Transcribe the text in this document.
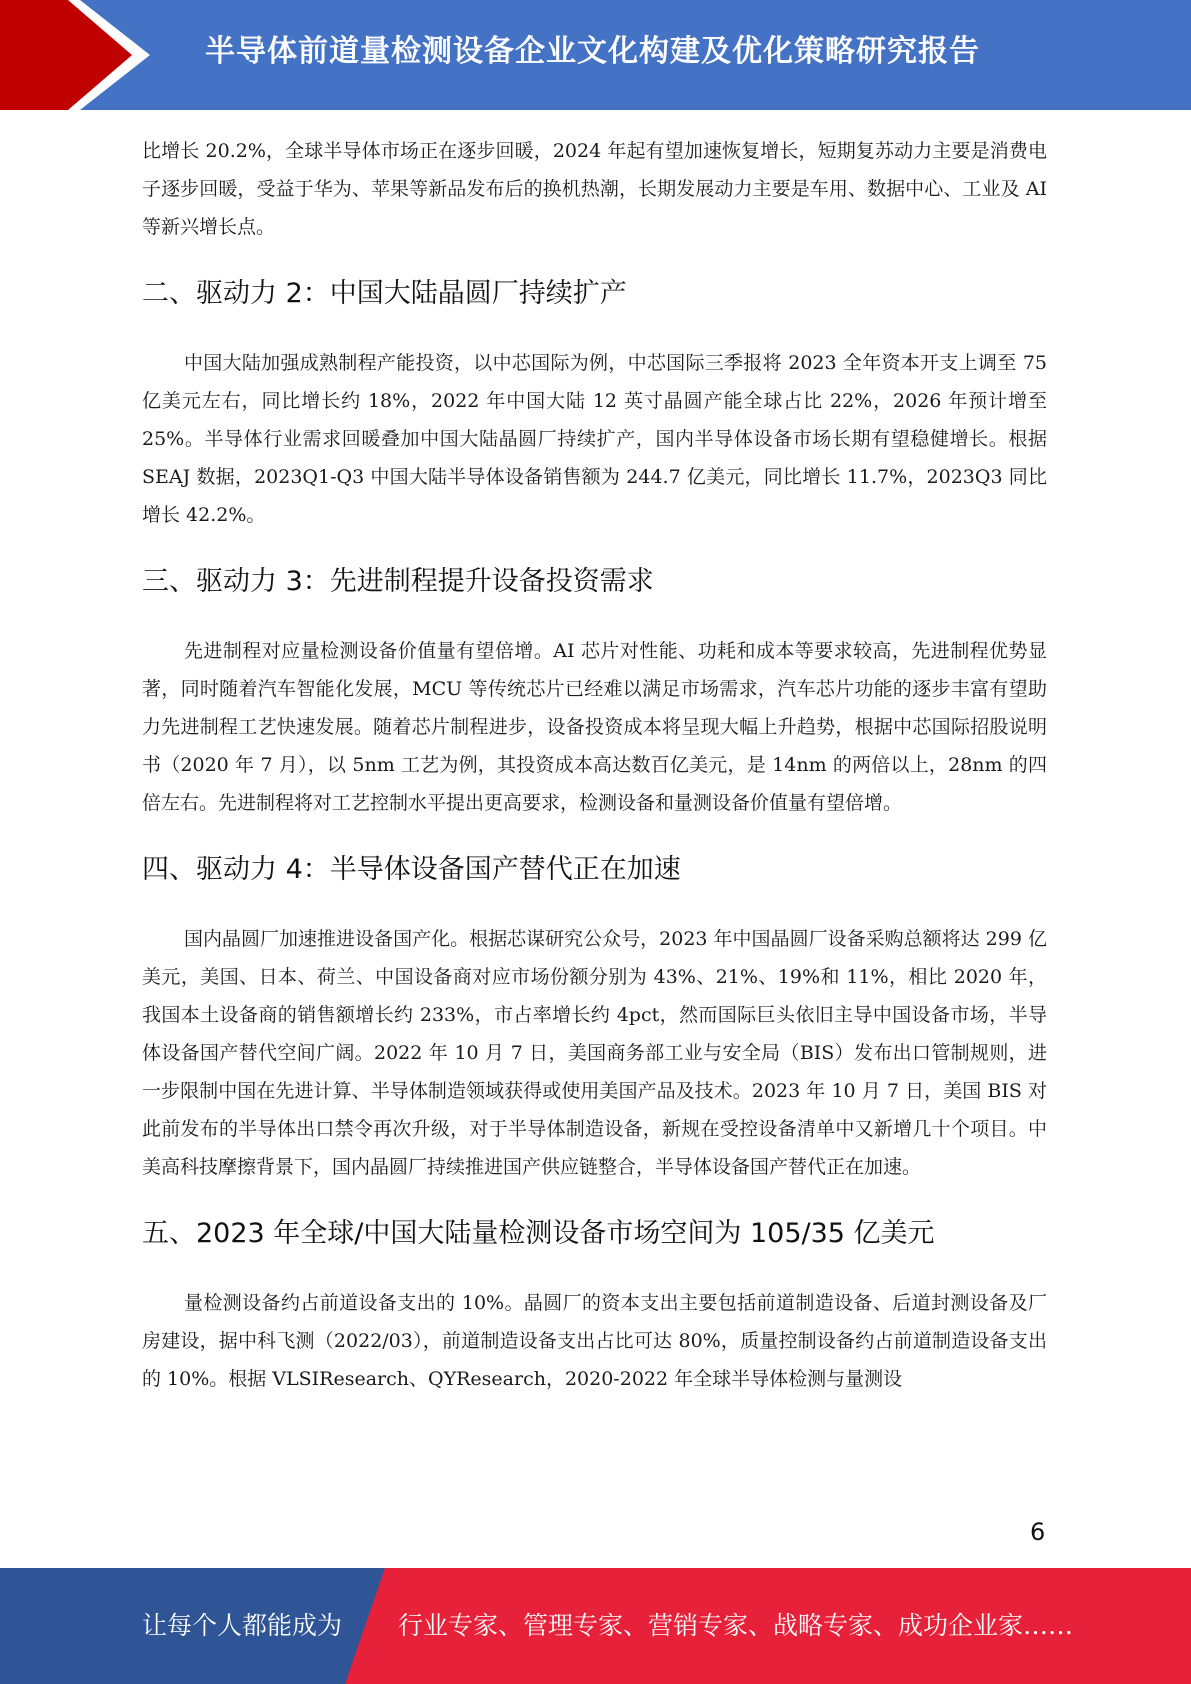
半导体前道量检测设备企业文化构建及优化策略研究报告

比增长 20.2%，全球半导体市场正在逐步回暖，2024 年起有望加速恢复增长，短期复苏动力主要是消费电子逐步回暖，受益于华为、苹果等新品发布后的换机热潮，长期发展动力主要是车用、数据中心、工业及 AI 等新兴增长点。

二、驱动力 2：中国大陆晶圆厂持续扩产

中国大陆加强成熟制程产能投资，以中芯国际为例，中芯国际三季报将 2023 全年资本开支上调至 75 亿美元左右，同比增长约 18%，2022 年中国大陆 12 英寸晶圆产能全球占比 22%，2026 年预计增至 25%。半导体行业需求回暖叠加中国大陆晶圆厂持续扩产，国内半导体设备市场长期有望稳健增长。根据 SEAJ 数据，2023Q1-Q3 中国大陆半导体设备销售额为 244.7 亿美元，同比增长 11.7%，2023Q3 同比增长 42.2%。

三、驱动力 3：先进制程提升设备投资需求

先进制程对应量检测设备价值量有望倍增。AI 芯片对性能、功耗和成本等要求较高，先进制程优势显著，同时随着汽车智能化发展，MCU 等传统芯片已经难以满足市场需求，汽车芯片功能的逐步丰富有望助力先进制程工艺快速发展。随着芯片制程进步，设备投资成本将呈现大幅上升趋势，根据中芯国际招股说明书（2020 年 7 月），以 5nm 工艺为例，其投资成本高达数百亿美元，是 14nm 的两倍以上，28nm 的四倍左右。先进制程将对工艺控制水平提出更高要求，检测设备和量测设备价值量有望倍增。

四、驱动力 4：半导体设备国产替代正在加速

国内晶圆厂加速推进设备国产化。根据芯谋研究公众号，2023 年中国晶圆厂设备采购总额将达 299 亿美元，美国、日本、荷兰、中国设备商对应市场份额分别为 43%、21%、19%和 11%，相比 2020 年，我国本土设备商的销售额增长约 233%，市占率增长约 4pct，然而国际巨头依旧主导中国设备市场，半导体设备国产替代空间广阔。2022 年 10 月 7 日，美国商务部工业与安全局（BIS）发布出口管制规则，进一步限制中国在先进计算、半导体制造领域获得或使用美国产品及技术。2023 年 10 月 7 日，美国 BIS 对此前发布的半导体出口禁令再次升级，对于半导体制造设备，新规在受控设备清单中又新增几十个项目。中美高科技摩擦背景下，国内晶圆厂持续推进国产供应链整合，半导体设备国产替代正在加速。

五、2023 年全球/中国大陆量检测设备市场空间为 105/35 亿美元

量检测设备约占前道设备支出的 10%。晶圆厂的资本支出主要包括前道制造设备、后道封测设备及厂房建设，据中科飞测（2022/03），前道制造设备支出占比可达 80%，质量控制设备约占前道制造设备支出的 10%。根据 VLSIResearch、QYResearch，2020-2022 年全球半导体检测与量测设

6
让每个人都能成为 行业专家、管理专家、营销专家、战略专家、成功企业家……
